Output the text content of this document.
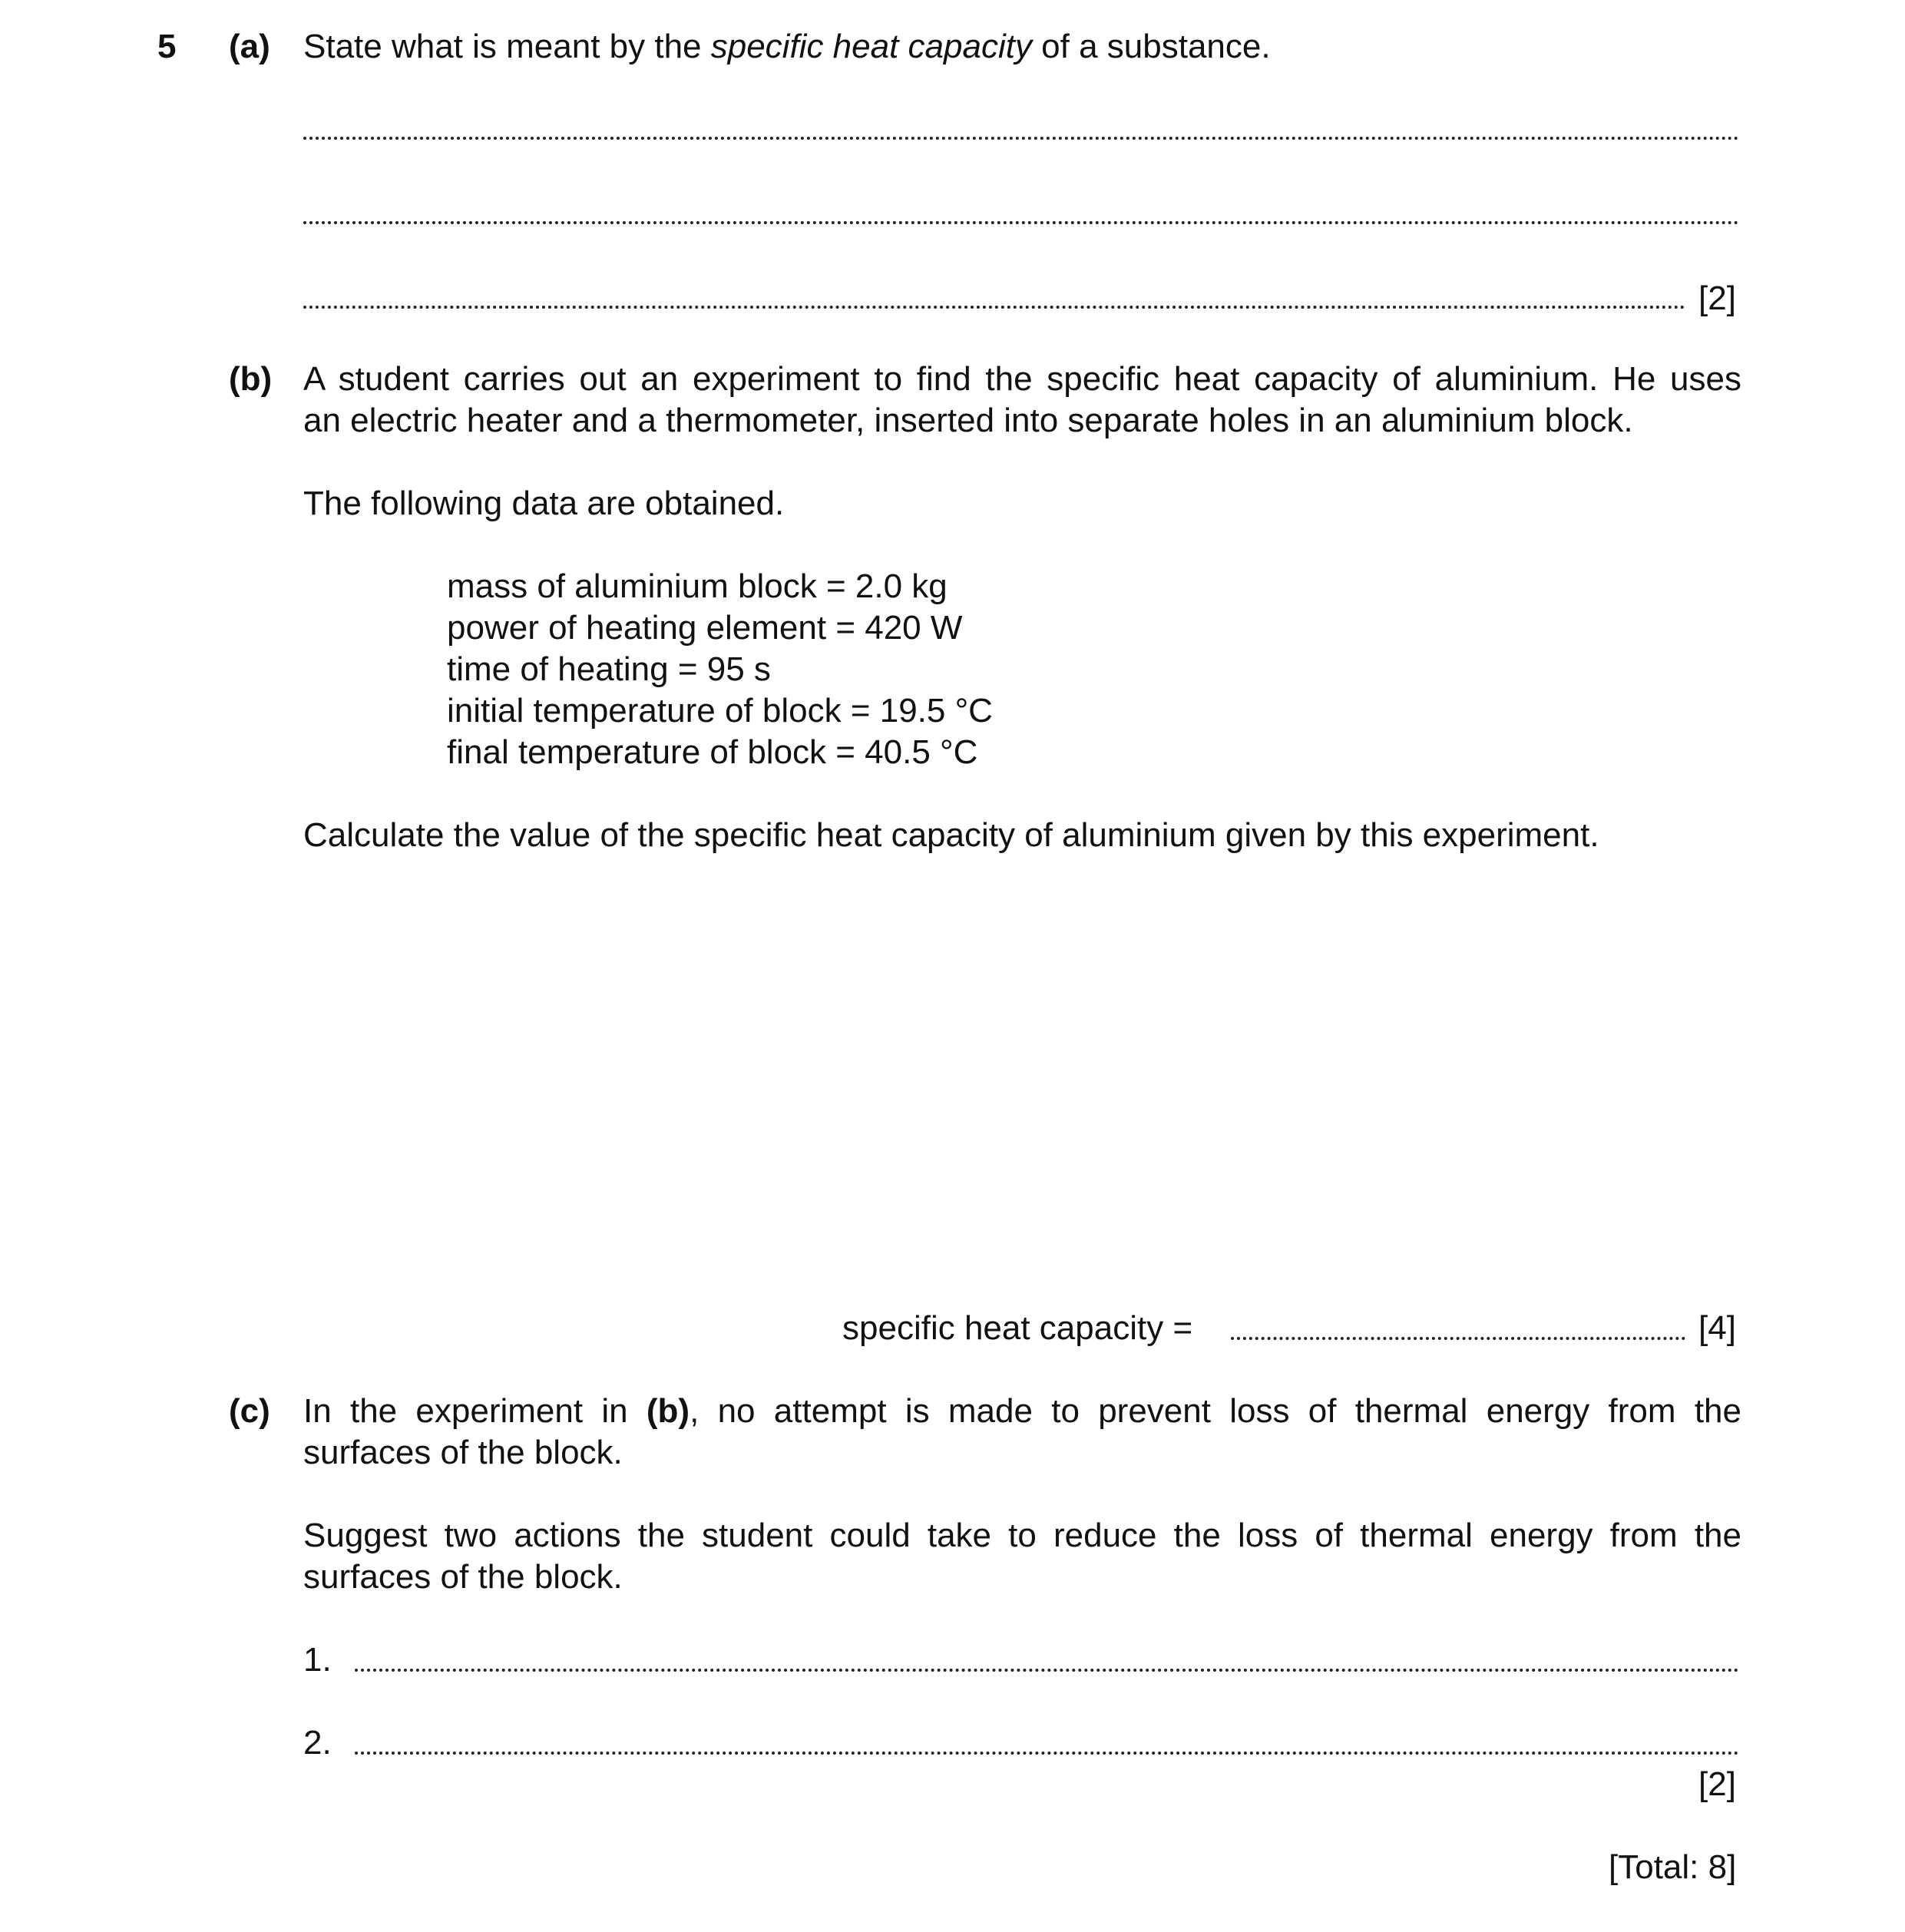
5 (a) State what is meant by the specific heat capacity of a substance.
[2]
(b) A student carries out an experiment to find the specific heat capacity of aluminium. He uses
an electric heater and a thermometer, inserted into separate holes in an aluminium block.
The following data are obtained.
mass of aluminium block = 2.0 kg
power of heating element = 420 W
time of heating = 95 s
initial temperature of block = 19.5 °C
final temperature of block = 40.5 °C
Calculate the value of the specific heat capacity of aluminium given by this experiment.
specific heat capacity =	[4]
(c) In the experiment in (b), no attempt is made to prevent loss of thermal energy from the
surfaces of the block.
Suggest two actions the student could take to reduce the loss of thermal energy from the
surfaces of the block.
1.
2.
[2]
[Total: 8]
